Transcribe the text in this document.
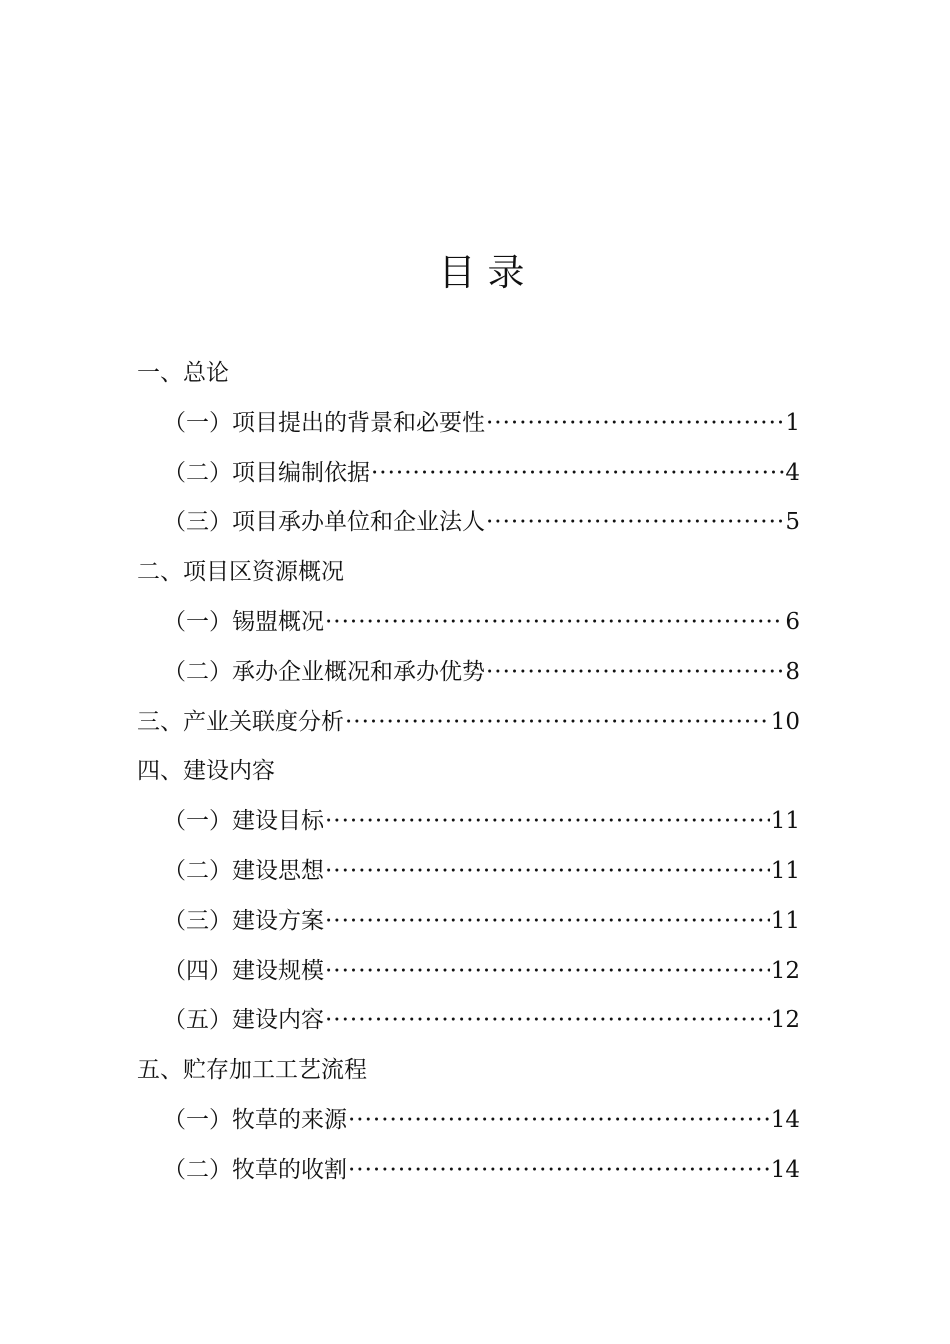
目录
一、总论
（一）项目提出的背景和必要性 ·····	1
（二）项目编制依据 ·····	4
（三）项目承办单位和企业法人 ·····	5
二、项目区资源概况
（一）锡盟概况 ·····	6
（二）承办企业概况和承办优势 ·····	8
三、产业关联度分析 ·····	10
四、建设内容
（一）建设目标 ·····	11
（二）建设思想 ·····	11
（三）建设方案 ·····	11
（四）建设规模 ·····	12
（五）建设内容 ·····	12
五、贮存加工工艺流程
（一）牧草的来源 ·····	14
（二）牧草的收割 ·····	14
